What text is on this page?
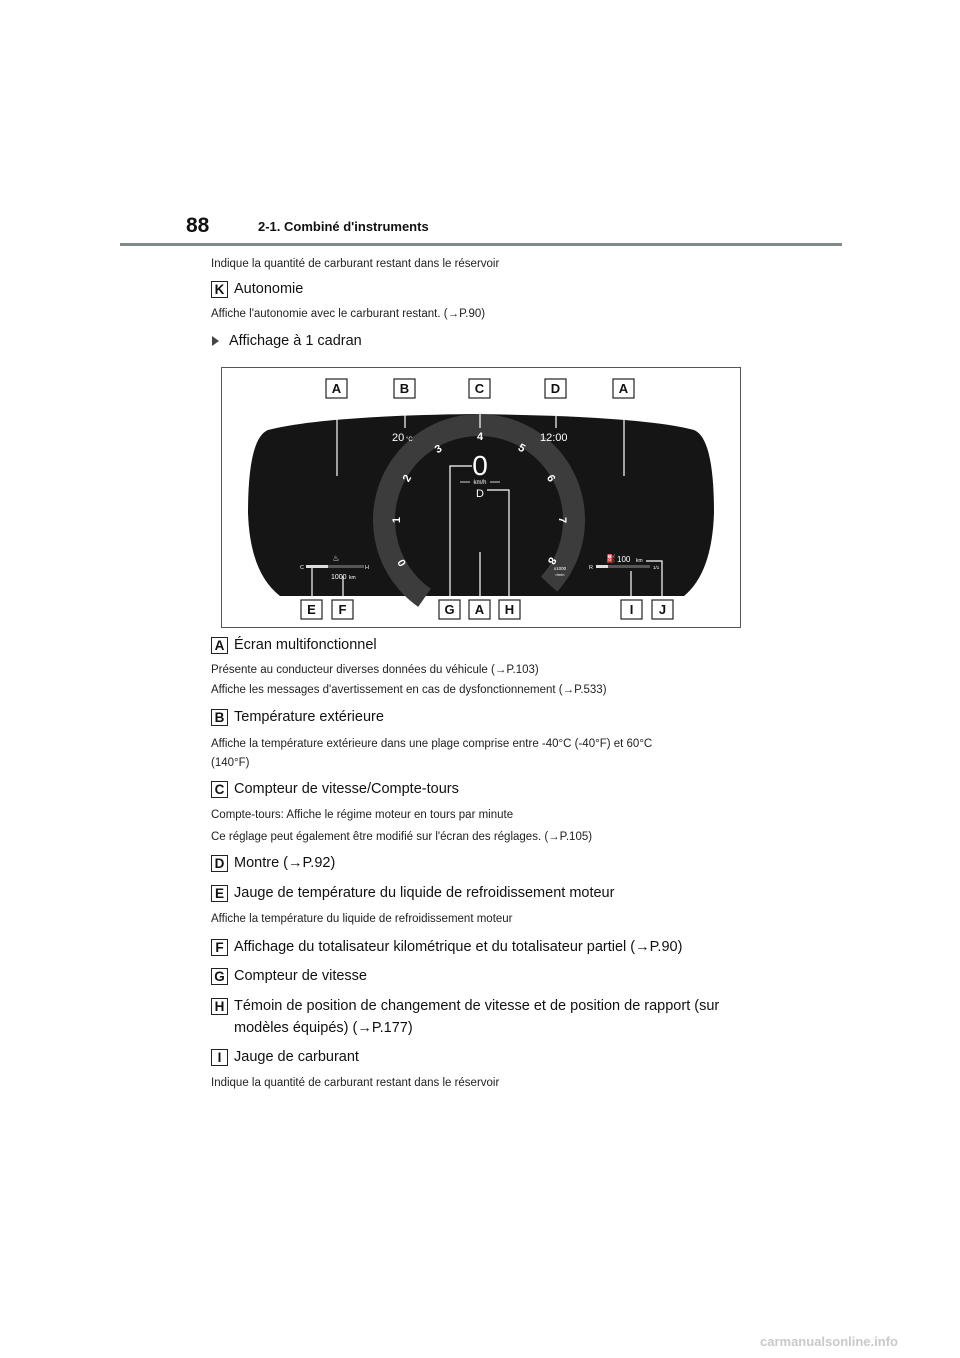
88	2-1. Combiné d'instruments
Indique la quantité de carburant restant dans le réservoir
K Autonomie
Affiche l'autonomie avec le carburant restant. (→P.90)
Affichage à 1 cadran
0
1
2
3
4
5
6
7
8
0
km/h
D
x1000
r/min
20 °C	12:00
♨
C	H
1000 km
⛽ 100 km
R	1/1
A	B	C	D	A
E F	G A H	I J
A Écran multifonctionnel
Présente au conducteur diverses données du véhicule (→P.103)
Affiche les messages d'avertissement en cas de dysfonctionnement (→P.533)
B Température extérieure
Affiche la température extérieure dans une plage comprise entre -40°C (-40°F) et 60°C
(140°F)
C Compteur de vitesse/Compte-tours
Compte-tours: Affiche le régime moteur en tours par minute
Ce réglage peut également être modifié sur l'écran des réglages. (→P.105)
D Montre (→P.92)
E Jauge de température du liquide de refroidissement moteur
Affiche la température du liquide de refroidissement moteur
F Affichage du totalisateur kilométrique et du totalisateur partiel (→P.90)
G Compteur de vitesse
H Témoin de position de changement de vitesse et de position de rapport (sur
modèles équipés) (→P.177)
I Jauge de carburant
Indique la quantité de carburant restant dans le réservoir
carmanualsonline.info
